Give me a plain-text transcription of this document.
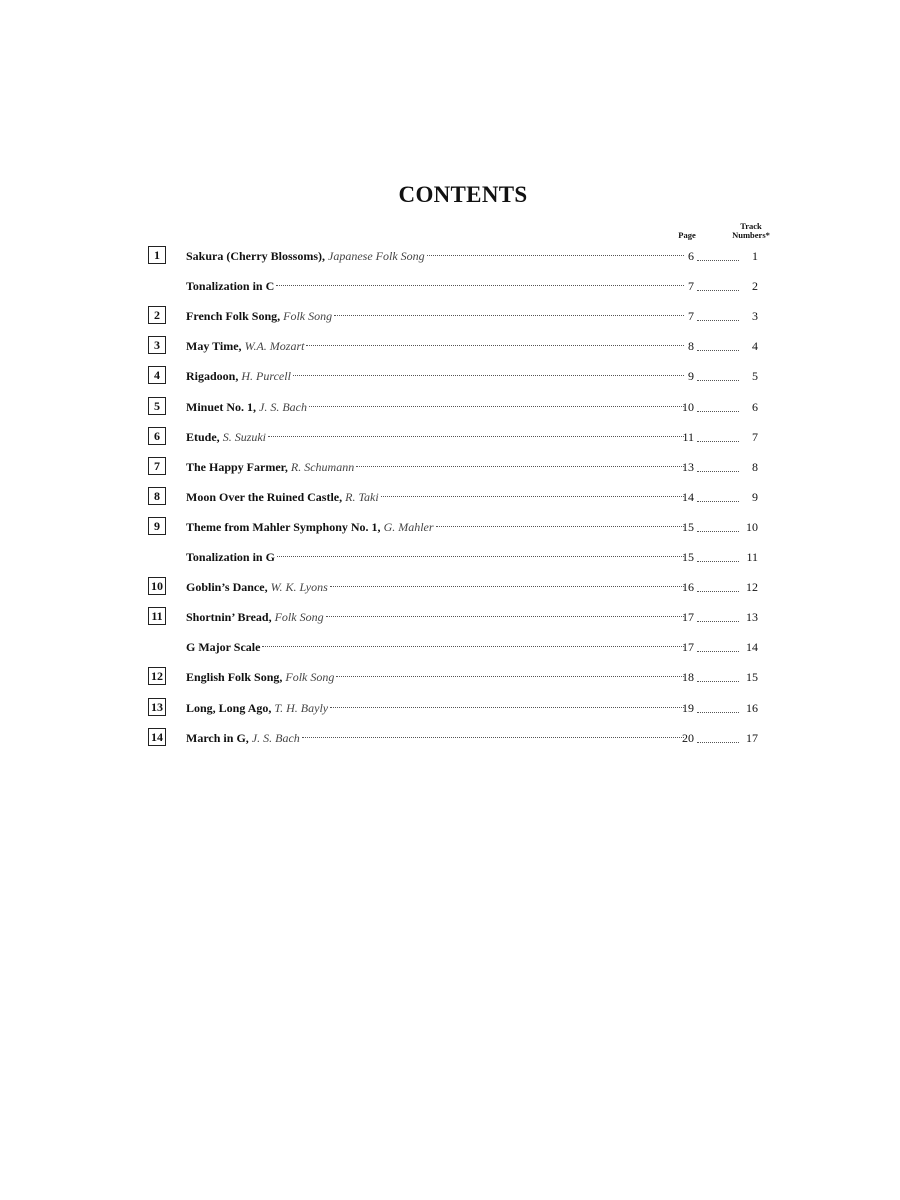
CONTENTS
Page
Track
Numbers*
1	Sakura (Cherry Blossoms),
Japanese Folk Song	6	1
Tonalization in C	7	2
2	French Folk Song,
Folk Song	7	3
3	May Time,
W.A. Mozart	8	4
4	Rigadoon,
H. Purcell	9	5
5	Minuet No. 1,
J. S. Bach	10	6
6	Etude,
S. Suzuki	11	7
7	The Happy Farmer,
R. Schumann	13	8
8	Moon Over the Ruined Castle,
R. Taki	14	9
9	Theme from Mahler Symphony No. 1,
G. Mahler	15	10
Tonalization in G	15	11
10 Goblin’s Dance,
W. K. Lyons	16	12
11 Shortnin’ Bread,
Folk Song	17	13
G Major Scale	17	14
12 English Folk Song,
Folk Song	18	15
13 Long, Long Ago,
T. H. Bayly	19	16
14 March in G,
J. S. Bach	20	17
